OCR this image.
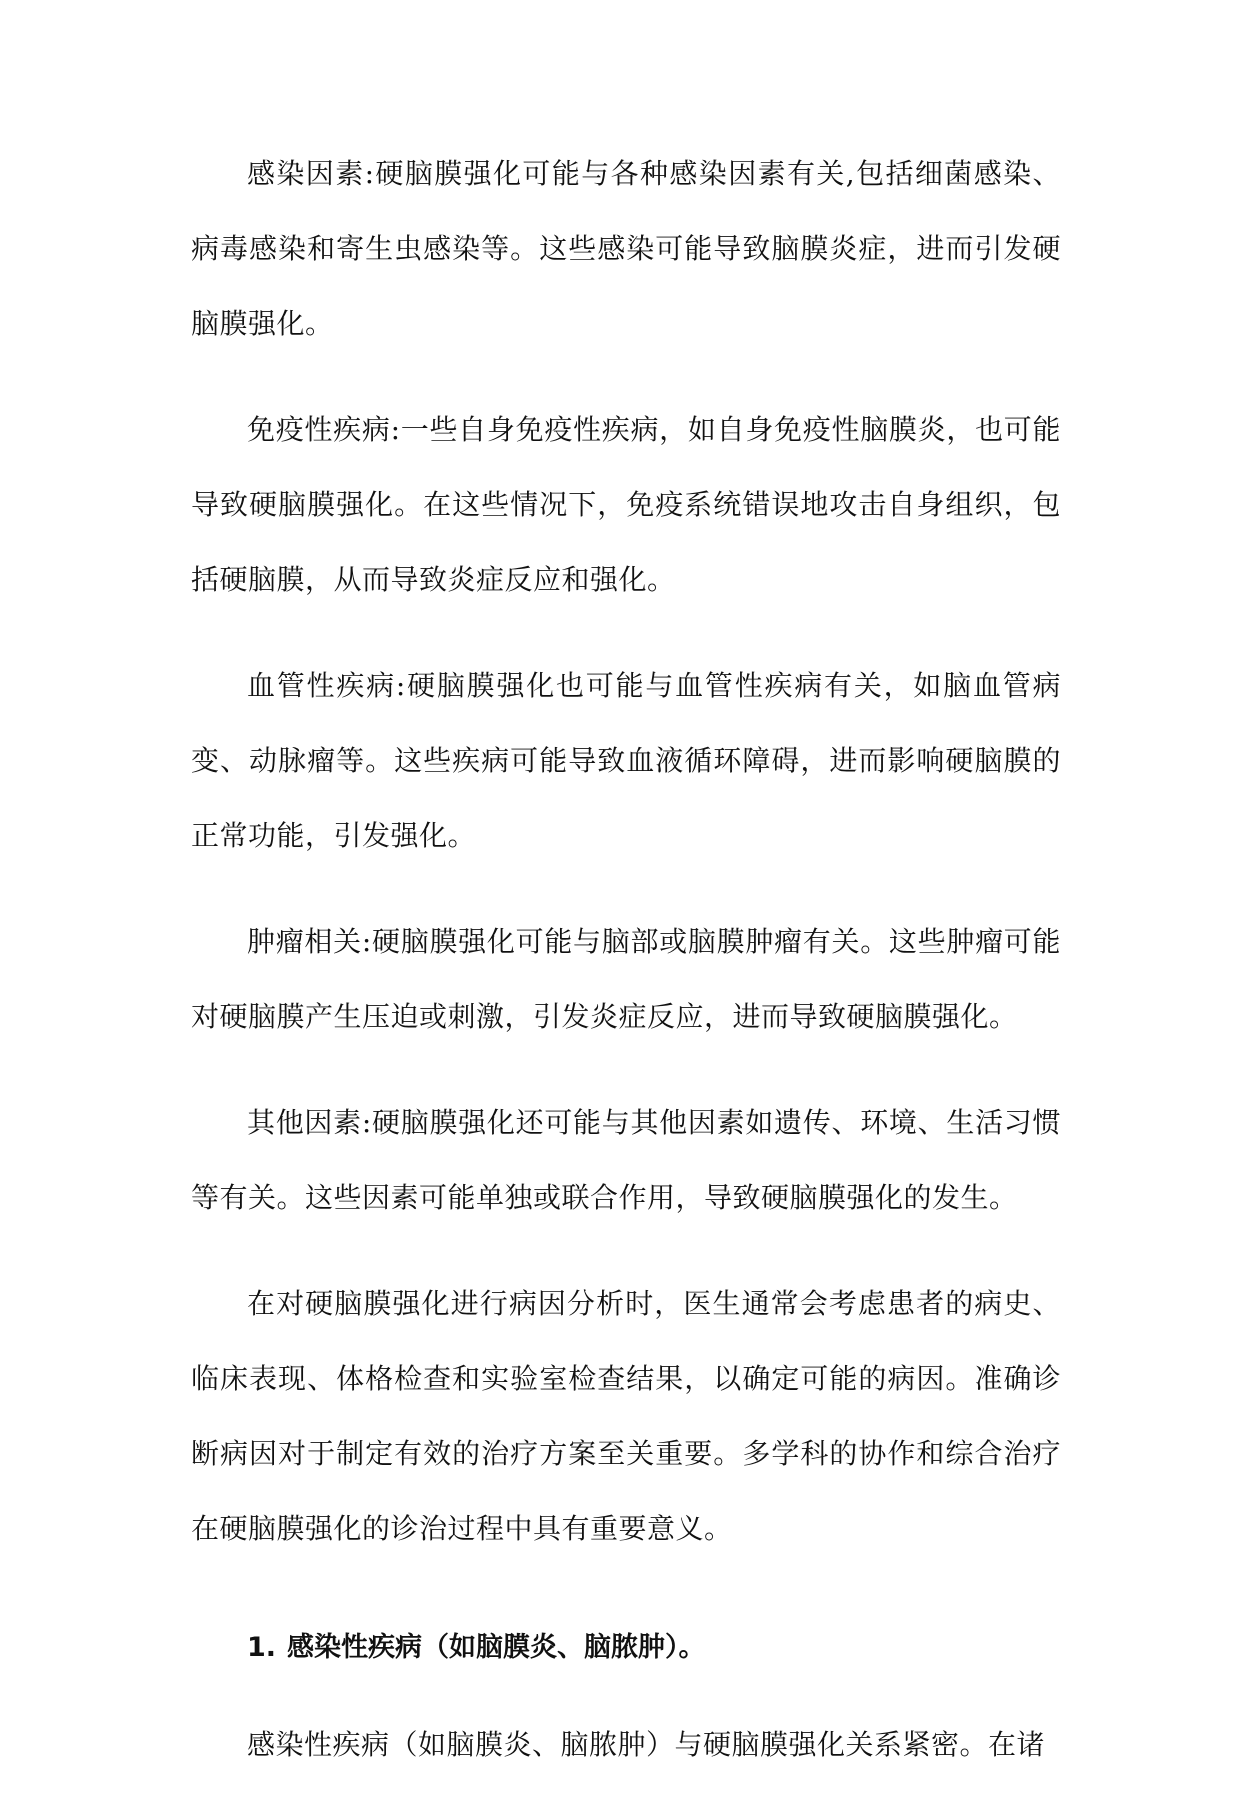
感染因素:硬脑膜强化可能与各种感染因素有关,包括细菌感染、病毒感染和寄生虫感染等。这些感染可能导致脑膜炎症，进而引发硬脑膜强化。

免疫性疾病:一些自身免疫性疾病，如自身免疫性脑膜炎，也可能导致硬脑膜强化。在这些情况下，免疫系统错误地攻击自身组织，包括硬脑膜，从而导致炎症反应和强化。

血管性疾病:硬脑膜强化也可能与血管性疾病有关，如脑血管病变、动脉瘤等。这些疾病可能导致血液循环障碍，进而影响硬脑膜的正常功能，引发强化。

肿瘤相关:硬脑膜强化可能与脑部或脑膜肿瘤有关。这些肿瘤可能对硬脑膜产生压迫或刺激，引发炎症反应，进而导致硬脑膜强化。

其他因素:硬脑膜强化还可能与其他因素如遗传、环境、生活习惯等有关。这些因素可能单独或联合作用，导致硬脑膜强化的发生。

在对硬脑膜强化进行病因分析时，医生通常会考虑患者的病史、临床表现、体格检查和实验室检查结果，以确定可能的病因。准确诊断病因对于制定有效的治疗方案至关重要。多学科的协作和综合治疗在硬脑膜强化的诊治过程中具有重要意义。

1. 感染性疾病（如脑膜炎、脑脓肿）。

感染性疾病（如脑膜炎、脑脓肿）与硬脑膜强化关系紧密。在诸
